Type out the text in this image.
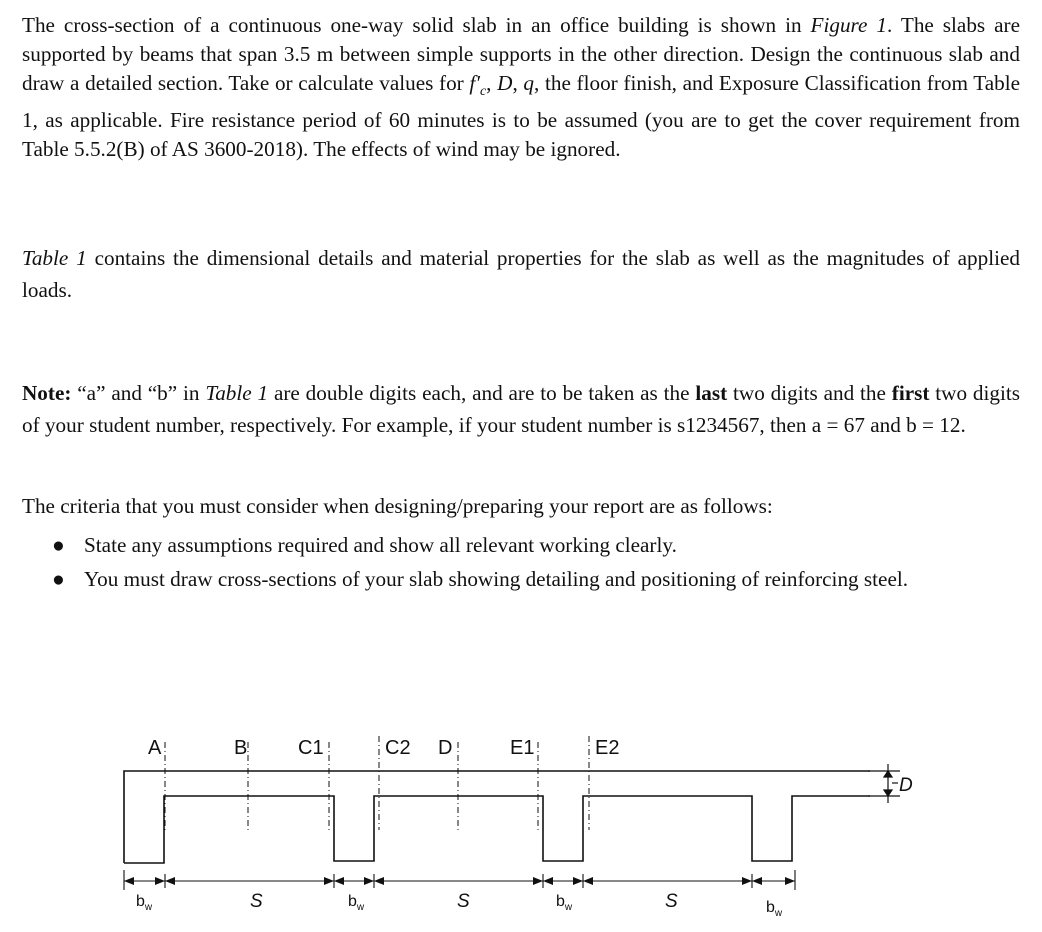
The cross-section of a continuous one-way solid slab in an office building is shown in Figure 1. The slabs are supported by beams that span 3.5 m between simple supports in the other direction. Design the continuous slab and draw a detailed section. Take or calculate values for $f'_c$, D, q, the floor finish, and Exposure Classification from Table 1, as applicable. Fire resistance period of 60 minutes is to be assumed (you are to get the cover requirement from Table 5.5.2(B) of AS 3600-2018). The effects of wind may be ignored.

Table 1 contains the dimensional details and material properties for the slab as well as the magnitudes of applied loads.

Note: “a” and “b” in Table 1 are double digits each, and are to be taken as the last two digits and the first two digits of your student number, respectively. For example, if your student number is s1234567, then a = 67 and b = 12.

The criteria that you must consider when designing/preparing your report are as follows:

● State any assumptions required and show all relevant working clearly.
● You must draw cross-sections of your slab showing detailing and positioning of reinforcing steel.
A	B	C1	C2 D	E1	E2
D
$b_w$	$b_w$	$b_w$	$b_w$
S	S	S
